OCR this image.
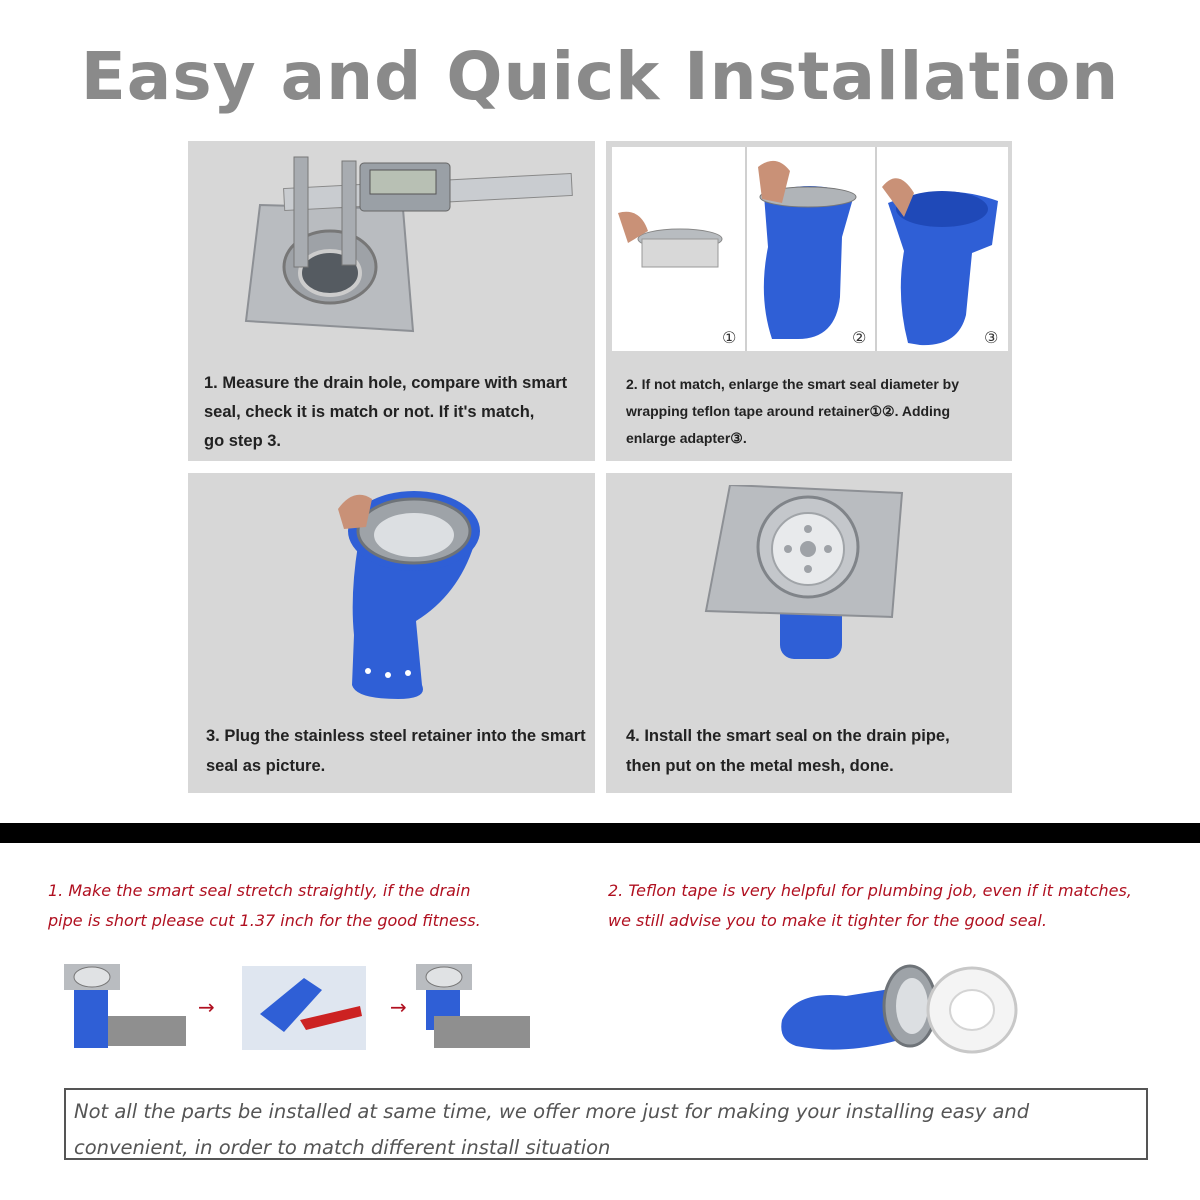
Easy and Quick Installation
1. Measure the drain hole, compare with smart
seal, check it is match or not. If it's match,
go step 3.
①	②	③
2. If not match, enlarge the smart seal diameter by
wrapping teflon tape around retainer①②. Adding
enlarge adapter③.
3. Plug the stainless steel retainer into the smart
seal as picture.
4. Install the smart seal on the drain pipe,
then put on the metal mesh, done.
1. Make the smart seal stretch straightly, if the drain
pipe is short please cut 1.37 inch for the good fitness.
2. Teflon tape is very helpful for plumbing job, even if it matches,
we still advise you to make it tighter for the good seal.
→	→
Not all the parts be installed at same time, we offer more just for making your installing easy and convenient, in order to match different install situation
